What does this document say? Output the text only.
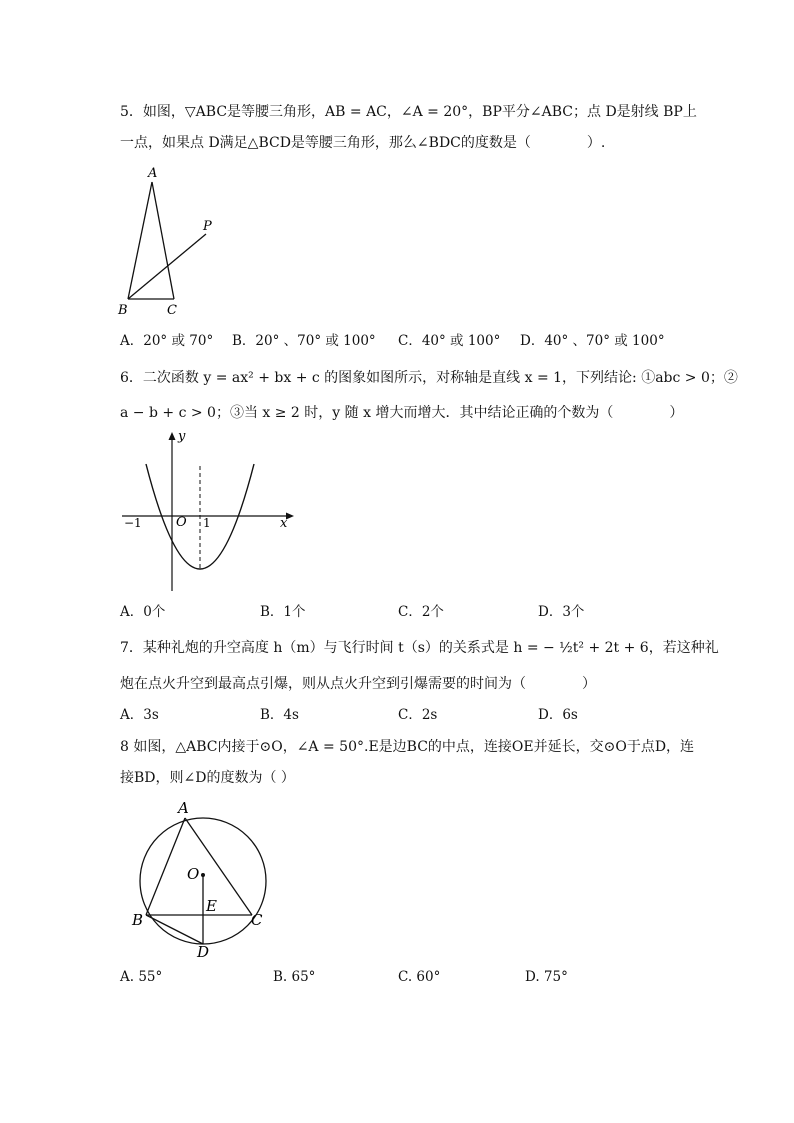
5．如图，▽ABC是等腰三角形，AB = AC，∠A = 20°，BP平分∠ABC；点 D是射线 BP上
一点，如果点 D满足△BCD是等腰三角形，那么∠BDC的度数是（　　　　）.
A
P
B	C
A．20° 或 70° B．20° 、70° 或 100° C．40° 或 100° D．40° 、70° 或 100°
6．二次函数 y = ax² + bx + c 的图象如图所示，对称轴是直线 x = 1，下列结论: ①abc > 0；②
a − b + c > 0；③当 x ≥ 2 时，y 随 x 增大而增大．其中结论正确的个数为（　　　　）
y
x
O
−1	1
A．0个	B．1个	C．2个	D．3个
7．某种礼炮的升空高度 h（m）与飞行时间 t（s）的关系式是 h = − ½t² + 2t + 6，若这种礼
炮在点火升空到最高点引爆，则从点火升空到引爆需要的时间为（　　　　）
A．3s	B．4s	C．2s	D．6s
8 如图，△ABC内接于⊙O，∠A = 50°.E是边BC的中点，连接OE并延长，交⊙O于点D，连
接BD，则∠D的度数为（ ）
A
O
E
B	C
D
A. 55°	B. 65°	C. 60°	D. 75°
